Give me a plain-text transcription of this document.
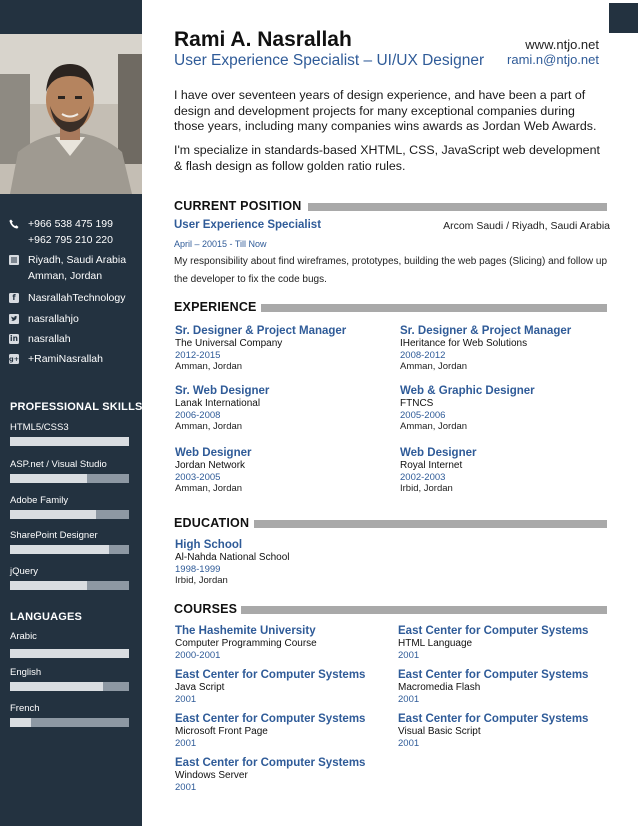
+966 538 475 199
+962 795 210 220
Riyadh, Saudi Arabia
Amman, Jordan
f	NasrallahTechnology
nasrallahjo
in nasrallah
g+ +RamiNasrallah
PROFESSIONAL SKILLS
HTML5/CSS3
ASP.net / Visual Studio
Adobe Family
SharePoint Designer
jQuery
LANGUAGES
Arabic
English
French
Rami A. Nasrallah
User Experience Specialist – UI/UX Designer
www.ntjo.net
rami.n@ntjo.net
I have over seventeen years of design experience, and have been a part of design and development projects for many exceptional companies during those years, including many companies wins awards as Jordan Web Awards.
I'm specialize in standards-based XHTML, CSS, JavaScript web development & flash design as follow golden ratio rules.
CURRENT POSITION
User Experience Specialist	Arcom Saudi / Riyadh, Saudi Arabia
April – 20015 - Till Now
My responsibility about find wireframes, prototypes, building the web pages (Slicing) and follow up the developer to fix the code bugs.
EXPERIENCE
Sr. Designer & Project Manager
The Universal Company
2012-2015
Amman, Jordan
Sr. Designer & Project Manager
IHeritance for Web Solutions
2008-2012
Amman, Jordan
Sr. Web Designer
Lanak International
2006-2008
Amman, Jordan
Web & Graphic Designer
FTNCS
2005-2006
Amman, Jordan
Web Designer
Jordan Network
2003-2005
Amman, Jordan
Web Designer
Royal Internet
2002-2003
Irbid, Jordan
EDUCATION
High School
Al-Nahda National School
1998-1999
Irbid, Jordan
COURSES
The Hashemite University
Computer Programming Course
2000-2001
East Center for Computer Systems
HTML Language
2001
East Center for Computer Systems
Java Script
2001
East Center for Computer Systems
Macromedia Flash
2001
East Center for Computer Systems
Microsoft Front Page
2001
East Center for Computer Systems
Visual Basic Script
2001
East Center for Computer Systems
Windows Server
2001
